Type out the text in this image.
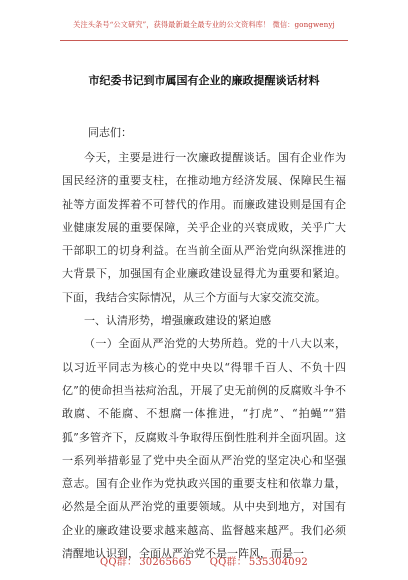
关注头条号“公文研究”，获得最新最全最专业的公文资料库！ 微信：gongwenyj
市纪委书记到市属国有企业的廉政提醒谈话材料
同志们：

今天，主要是进行一次廉政提醒谈话。国有企业作为国民经济的重要支柱，在推动地方经济发展、保障民生福祉等方面发挥着不可替代的作用。而廉政建设则是国有企业健康发展的重要保障，关乎企业的兴衰成败，关乎广大干部职工的切身利益。在当前全面从严治党向纵深推进的大背景下，加强国有企业廉政建设显得尤为重要和紧迫。下面，我结合实际情况，从三个方面与大家交流交流。

一、认清形势，增强廉政建设的紧迫感

（一）全面从严治党的大势所趋。党的十八大以来，以习近平同志为核心的党中央以“得罪千百人、不负十四亿”的使命担当祛疴治乱，开展了史无前例的反腐败斗争不敢腐、不能腐、不想腐一体推进，“打虎”、“拍蝇”“猎狐”多管齐下，反腐败斗争取得压倒性胜利并全面巩固。这一系列举措彰显了党中央全面从严治党的坚定决心和坚强意志。国有企业作为党执政兴国的重要支柱和依靠力量，必然是全面从严治党的重要领域。从中央到地方，对国有企业的廉政建设要求越来越高、监督越来越严。我们必须清醒地认识到，全面从严治党不是一阵风，而是一

QQ群： 30265665 QQ群： 535304092
